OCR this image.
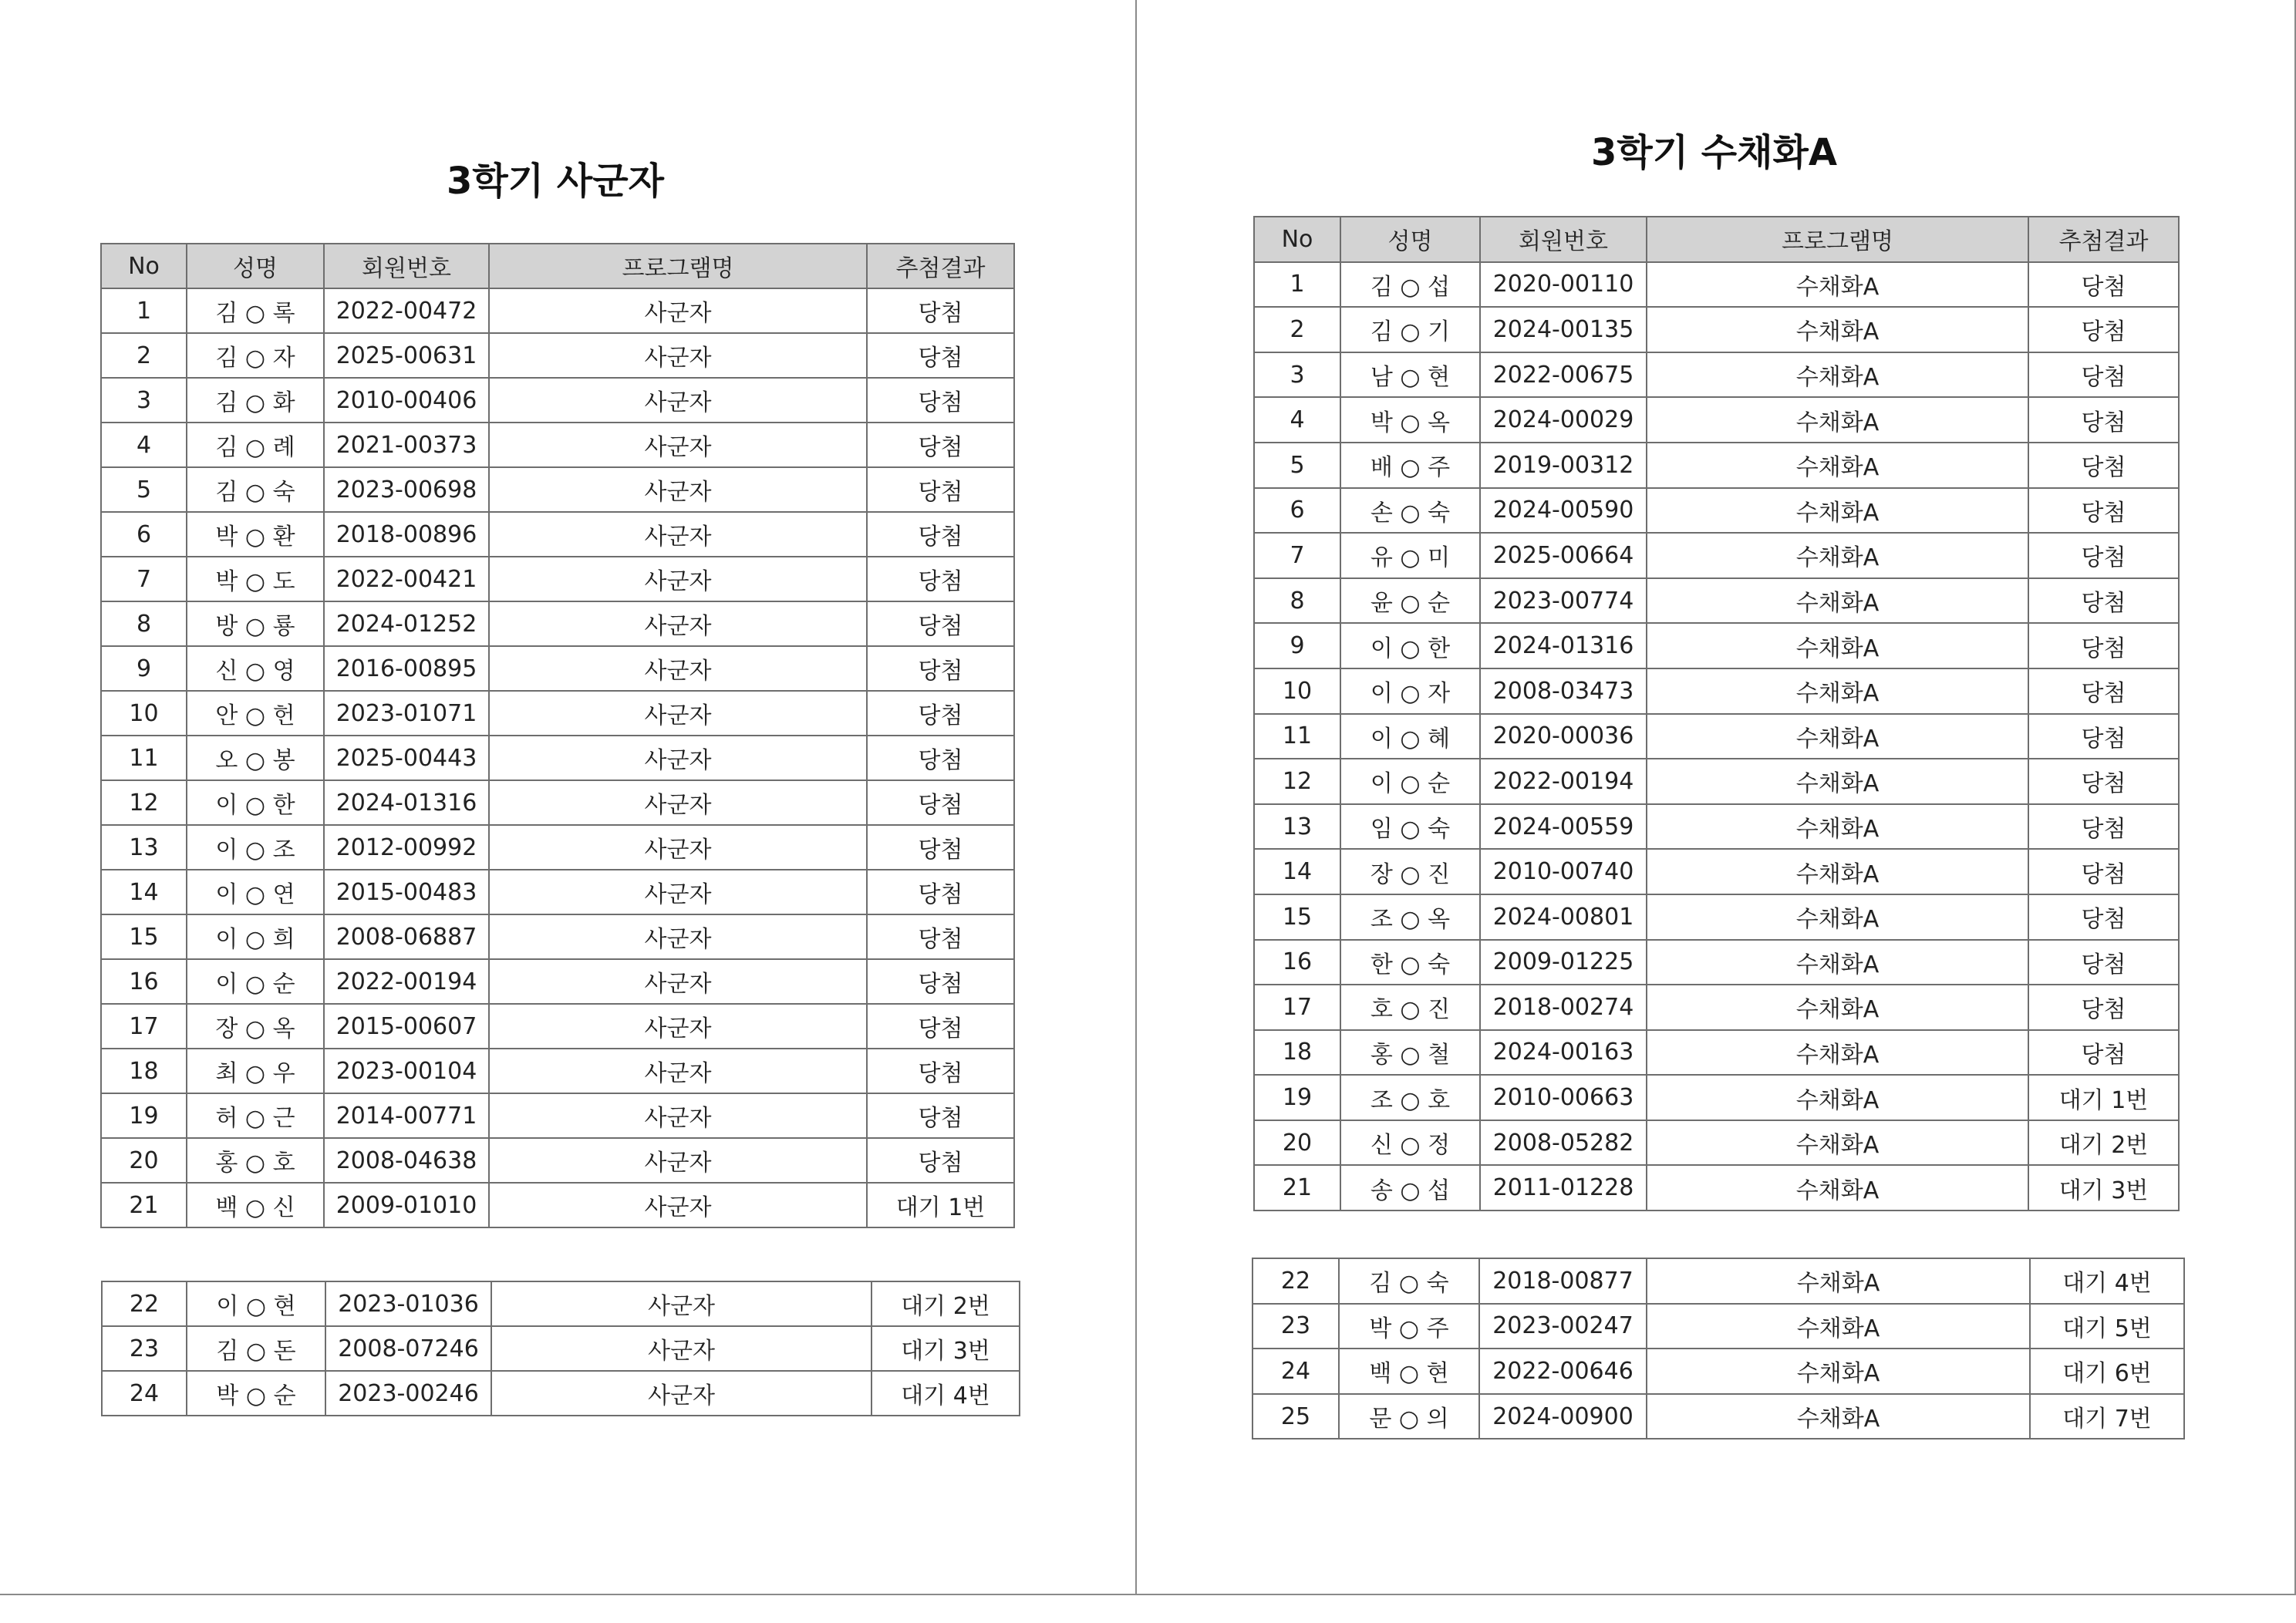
3학기 사군자
3학기 수채화A
No	성명	회원번호	프로그램명	추첨결과
1	김 ○ 록	2022-00472	사군자	당첨
2	김 ○ 자	2025-00631	사군자	당첨
3	김 ○ 화	2010-00406	사군자	당첨
4	김 ○ 례	2021-00373	사군자	당첨
5	김 ○ 숙	2023-00698	사군자	당첨
6	박 ○ 환	2018-00896	사군자	당첨
7	박 ○ 도	2022-00421	사군자	당첨
8	방 ○ 룡	2024-01252	사군자	당첨
9	신 ○ 영	2016-00895	사군자	당첨
10	안 ○ 헌	2023-01071	사군자	당첨
11	오 ○ 봉	2025-00443	사군자	당첨
12	이 ○ 한	2024-01316	사군자	당첨
13	이 ○ 조	2012-00992	사군자	당첨
14	이 ○ 연	2015-00483	사군자	당첨
15	이 ○ 희	2008-06887	사군자	당첨
16	이 ○ 순	2022-00194	사군자	당첨
17	장 ○ 옥	2015-00607	사군자	당첨
18	최 ○ 우	2023-00104	사군자	당첨
19	허 ○ 근	2014-00771	사군자	당첨
20	홍 ○ 호	2008-04638	사군자	당첨
21	백 ○ 신	2009-01010	사군자	대기 1번
22	이 ○ 현	2023-01036	사군자	대기 2번
23	김 ○ 돈	2008-07246	사군자	대기 3번
24	박 ○ 순	2023-00246	사군자	대기 4번
No	성명	회원번호	프로그램명	추첨결과
1	김 ○ 섭	2020-00110	수채화A	당첨
2	김 ○ 기	2024-00135	수채화A	당첨
3	남 ○ 현	2022-00675	수채화A	당첨
4	박 ○ 옥	2024-00029	수채화A	당첨
5	배 ○ 주	2019-00312	수채화A	당첨
6	손 ○ 숙	2024-00590	수채화A	당첨
7	유 ○ 미	2025-00664	수채화A	당첨
8	윤 ○ 순	2023-00774	수채화A	당첨
9	이 ○ 한	2024-01316	수채화A	당첨
10	이 ○ 자	2008-03473	수채화A	당첨
11	이 ○ 혜	2020-00036	수채화A	당첨
12	이 ○ 순	2022-00194	수채화A	당첨
13	임 ○ 숙	2024-00559	수채화A	당첨
14	장 ○ 진	2010-00740	수채화A	당첨
15	조 ○ 옥	2024-00801	수채화A	당첨
16	한 ○ 숙	2009-01225	수채화A	당첨
17	호 ○ 진	2018-00274	수채화A	당첨
18	홍 ○ 철	2024-00163	수채화A	당첨
19	조 ○ 호	2010-00663	수채화A	대기 1번
20	신 ○ 정	2008-05282	수채화A	대기 2번
21	송 ○ 섭	2011-01228	수채화A	대기 3번
22	김 ○ 숙	2018-00877	수채화A	대기 4번
23	박 ○ 주	2023-00247	수채화A	대기 5번
24	백 ○ 현	2022-00646	수채화A	대기 6번
25	문 ○ 의	2024-00900	수채화A	대기 7번
